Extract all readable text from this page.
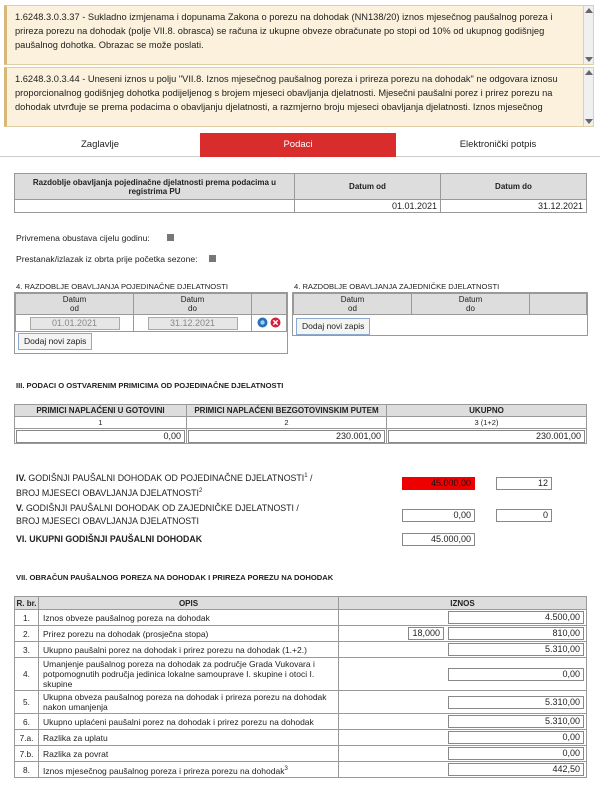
1.6248.3.0.3.37 - Sukladno izmjenama i dopunama Zakona o porezu na dohodak (NN138/20) iznos mjesečnog paušalnog poreza i prireza porezu na dohodak (polje VII.8. obrasca) se računa iz ukupne obveze obračunate po stopi od 10% od ukupnog godišnjeg paušalnog dohotka. Obrazac se može poslati.
1.6248.3.0.3.44 - Uneseni iznos u polju "VII.8. Iznos mjesečnog paušalnog poreza i prireza porezu na dohodak" ne odgovara iznosu proporcionalnog godišnjeg dohotka podijeljenog s brojem mjeseci obavljanja djelatnosti. Mjesečni paušalni porez i prirez porezu na dohodak utvrđuje se prema podacima o obavljanju djelatnosti, a razmjerno broju mjeseci obavljanja djelatnosti. Iznos mjesečnog
Zaglavlje	Podaci	Elektronički potpis
Razdoblje obavljanja pojedinačne djelatnosti prema podacima u registrima PU	Datum od	Datum do
	01.01.2021	31.12.2021
Privremena obustava cijelu godinu:
Prestanak/izlazak iz obrta prije početka sezone:
4. RAZDOBLJE OBAVLJANJA POJEDINAČNE DJELATNOSTI
Datum
od	Datum
do	
01.01.2021	31.12.2021	
Dodaj novi zapis
4. RAZDOBLJE OBAVLJANJA ZAJEDNIČKE DJELATNOSTI
Datum
od	Datum
do	
Dodaj novi zapis
III. PODACI O OSTVARENIM PRIMICIMA OD POJEDINAČNE DJELATNOSTI
PRIMICI NAPLAĆENI U GOTOVINI	PRIMICI NAPLAĆENI BEZGOTOVINSKIM PUTEM	UKUPNO
1	2	3 (1+2)
0,00	230.001,00	230.001,00
IV. GODIŠNJI PAUŠALNI DOHODAK OD POJEDINAČNE DJELATNOSTI$^1$ /
BROJ MJESECI OBAVLJANJA DJELATNOSTI$^2$
45.000,00	12
V. GODIŠNJI PAUŠALNI DOHODAK OD ZAJEDNIČKE DJELATNOSTI /
BROJ MJESECI OBAVLJANJA DJELATNOSTI
0,00	0
VI. UKUPNI GODIŠNJI PAUŠALNI DOHODAK	45.000,00
VII. OBRAČUN PAUŠALNOG POREZA NA DOHODAK I PRIREZA POREZU NA DOHODAK
R. br.	OPIS	IZNOS
1.	Iznos obveze paušalnog poreza na dohodak	4.500,00
2.	Prirez porezu na dohodak (prosječna stopa)	18,000 810,00
3.	Ukupno paušalni porez na dohodak i prirez porezu na dohodak (1.+2.)	5.310,00
4.	Umanjenje paušalnog poreza na dohodak za područje Grada Vukovara i potpomognutih područja jedinica lokalne samouprave I. skupine i otoci I. skupine	0,00
5.	Ukupna obveza paušalnog poreza na dohodak i prireza porezu na dohodak nakon umanjenja	5.310,00
6.	Ukupno uplaćeni paušalni porez na dohodak i prirez porezu na dohodak	5.310,00
7.a.	Razlika za uplatu	0,00
7.b.	Razlika za povrat	0,00
8.	Iznos mjesečnog paušalnog poreza i prireza porezu na dohodak$^3$	442,50
